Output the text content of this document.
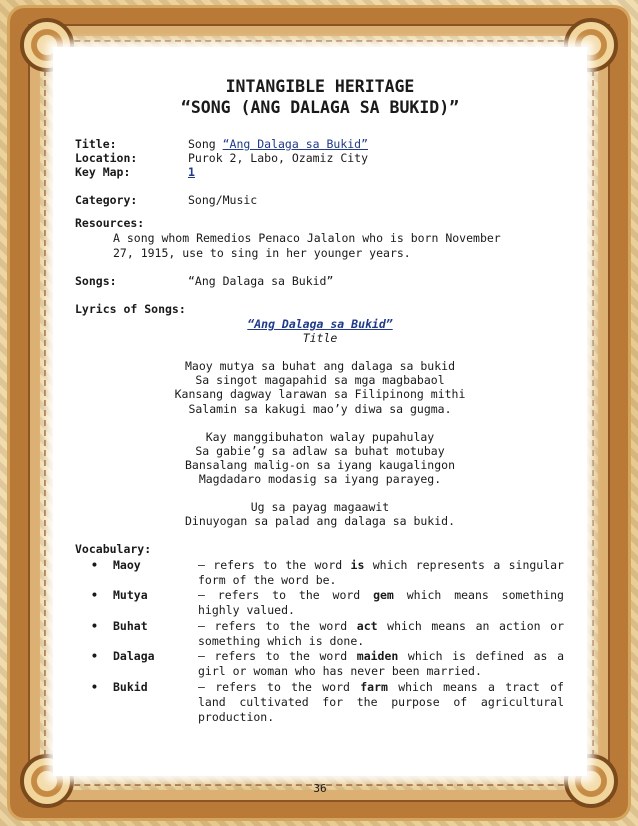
INTANGIBLE HERITAGE
“SONG (ANG DALAGA SA BUKID)”
Title:	Song “Ang Dalaga sa Bukid”
Location:	Purok 2, Labo, Ozamiz City
Key Map:	1
Category:	Song/Music
Resources:
A song whom Remedios Penaco Jalalon who is born November
27, 1915, use to sing in her younger years.
Songs:	“Ang Dalaga sa Bukid”
Lyrics of Songs:
“Ang Dalaga sa Bukid”
Title
Maoy mutya sa buhat ang dalaga sa bukid
Sa singot magapahid sa mga magbabaol
Kansang dagway larawan sa Filipinong mithi
Salamin sa kakugi mao’y diwa sa gugma.
Kay manggibuhaton walay pupahulay
Sa gabie’g sa adlaw sa buhat motubay
Bansalang malig-on sa iyang kaugalingon
Magdadaro modasig sa iyang parayeg.
Ug sa payag magaawit
Dinuyogan sa palad ang dalaga sa bukid.
Vocabulary:
• Maoy	– refers to the word is which represents a singular form of the word be.
• Mutya	– refers to the word gem which means something highly valued.
• Buhat	– refers to the word act which means an action or something which is done.
• Dalaga	– refers to the word maiden which is defined as a girl or woman who has never been married.
• Bukid	– refers to the word farm which means a tract of land cultivated for the purpose of agricultural production.
36
